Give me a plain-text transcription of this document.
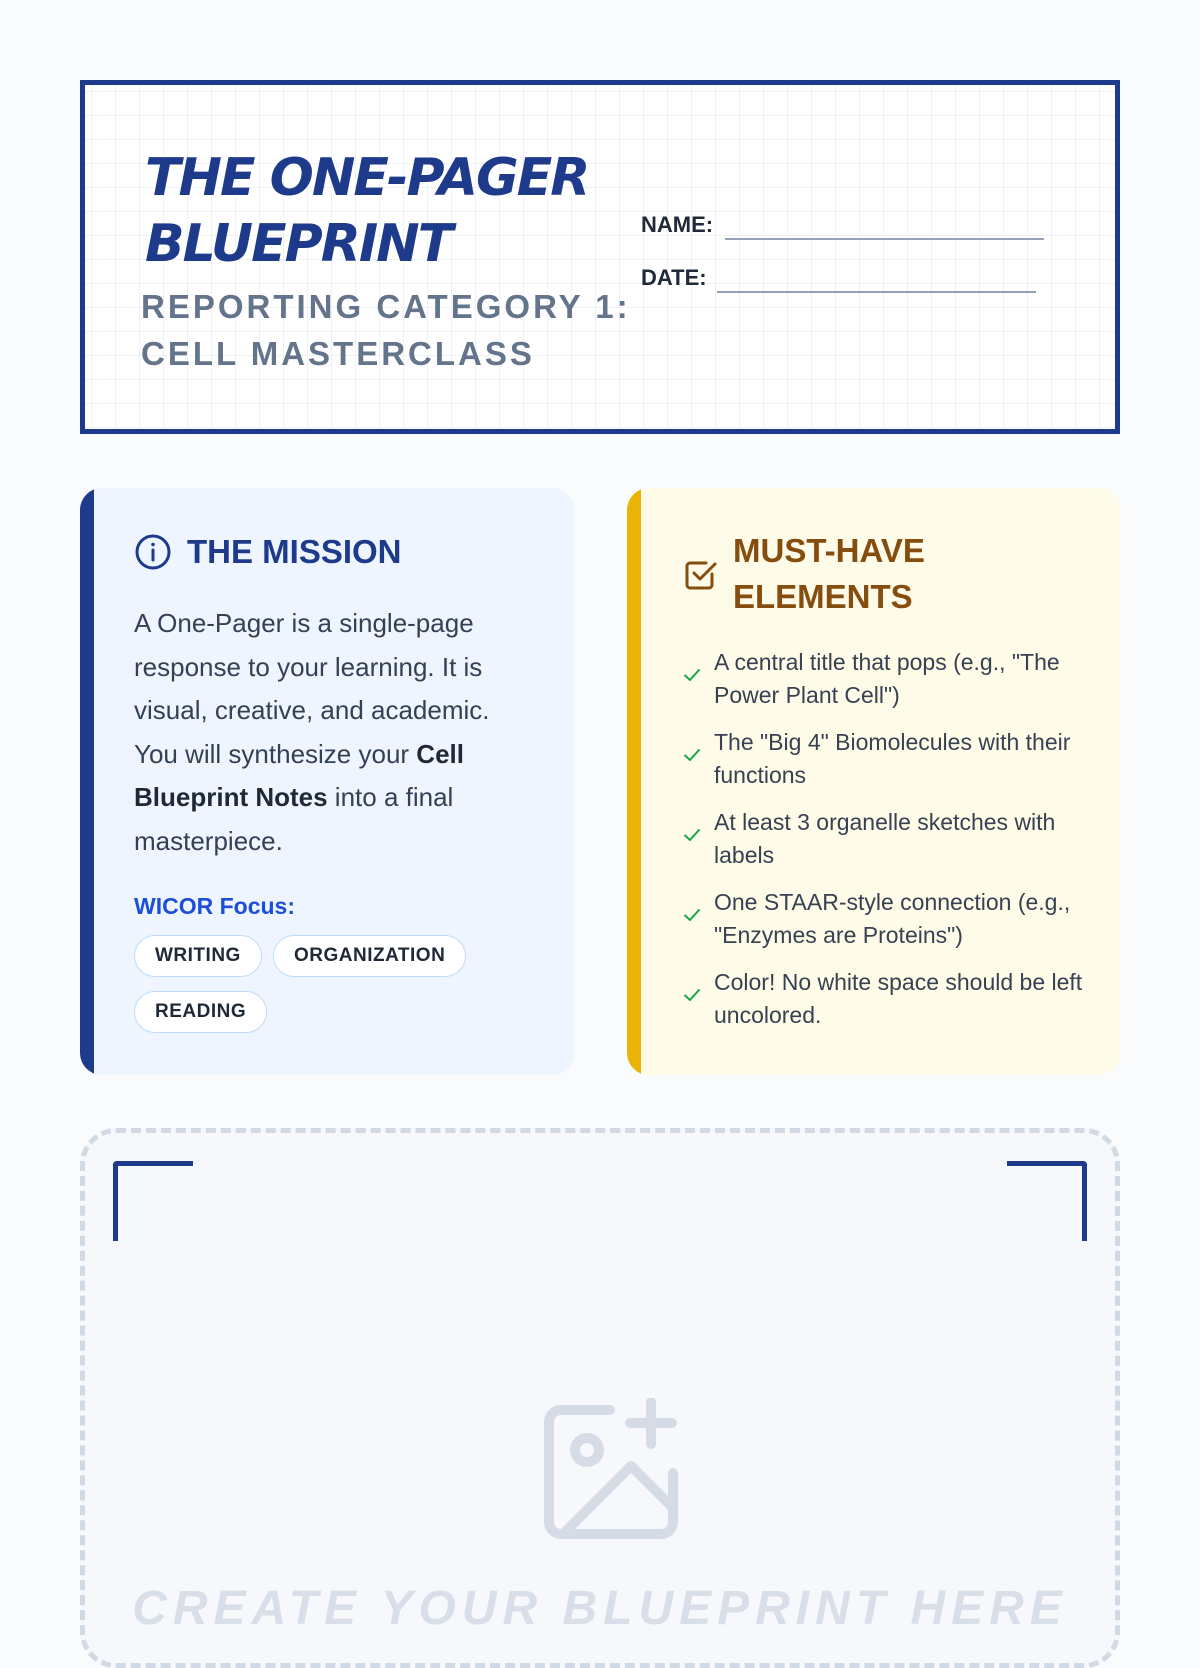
THE ONE-PAGER
BLUEPRINT
REPORTING CATEGORY 1:
CELL MASTERCLASS
NAME:
DATE:
THE MISSION
A One-Pager is a single-page response to your learning. It is visual, creative, and academic. You will synthesize your Cell Blueprint Notes into a final masterpiece.
WICOR Focus:
WRITING	ORGANIZATION
READING
MUST-HAVE
ELEMENTS
A central title that pops (e.g., "The Power Plant Cell")
The "Big 4" Biomolecules with their functions
At least 3 organelle sketches with labels
One STAAR-style connection (e.g., "Enzymes are Proteins")
Color! No white space should be left uncolored.
CREATE YOUR BLUEPRINT HERE
